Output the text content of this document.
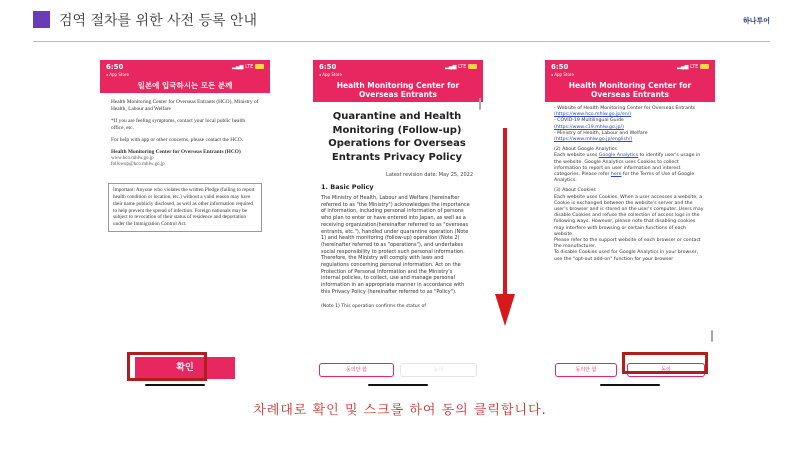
검역 절차를 위한 사전 등록 안내	하나투어
6:50
◂ App Store
▂▄▆ LTE
일본에 입국하시는 모든 분께

Health Monitoring Center for Overseas Entrants (HCO), Ministry of Health, Labour and Welfare

*If you are feeling symptoms, contact your local public health office, etc.

For help with app or other concerns, please contact the HCO.

Health Monitoring Center for Overseas Entrants (HCO)

www.hco.mhlw.go.jp
followup@hco.mhlw.go.jp
Important: Anyone who violates the written Pledge (failing to report health condition or location, etc.) without a valid reason may have their name publicly disclosed, as well as other information required to help prevent the spread of infection. Foreign nationals may be subject to revocation of their status of residence and deportation under the Immigration Control Act.
확인
6:50
◂ App Store
▂▄▆ LTE
Health Monitoring Center for Overseas Entrants
Quarantine and Health Monitoring (Follow-up) Operations for Overseas Entrants Privacy Policy
Latest revision date: May 25, 2022
1. Basic Policy
The Ministry of Health, Labour and Welfare (hereinafter referred to as "the Ministry") acknowledges the importance of information, including personal information of persons who plan to enter or have entered into Japan, as well as a receiving organization(hereinafter referred to as "overseas entrants, etc."), handled under quarantine operation (Note 1) and health monitoring (follow-up) operation (Note 2) (hereinafter referred to as "operations"), and undertakes social responsibility to protect such personal information. Therefore, the Ministry will comply with laws and regulations concerning personal information. Act on the Protection of Personal Information and the Ministry's internal policies, to collect, use and manage personal information in an appropriate manner in accordance with this Privacy Policy (hereinafter referred to as "Policy").
(Note 1) This operation confirms the status of
동의안 함	동의
6:50
◂ App Store
▂▄▆ LTE
Health Monitoring Center for Overseas Entrants
- Website of Health Monitoring Center for Overseas Entrants
(https://www.hco.mhlw.go.jp/en/)
- COVID-19 Multilingual Guide
(https://www.c19.mhlw.go.jp/)
- Ministry of Health, Labour and Welfare
(https://www.mhlw.go.jp/english/)
(2) About Google Analytics
Each website uses Google Analytics to identify user's usage in the website. Google Analytics uses Cookies to collect information to report on user information and interest categories. Please refer here for the Terms of Use of Google Analytics.
(3) About Cookies
Each website uses Cookies. When a user accesses a website, a Cookie is exchanged between the website's server and the user's browser and is stored on the user's computer. Users may disable Cookies and refuse the collection of access logs in the following ways. However, please note that disabling cookies may interfere with browsing or certain functions of each website.
Please refer to the support website of each browser or contact the manufacturer.
To disable Cookies used for Google Analytics in your browser, use the "opt-out add-on" function for your browser
동의안 함	동의
차례대로 확인 및 스크롤 하여 동의 클릭합니다.
